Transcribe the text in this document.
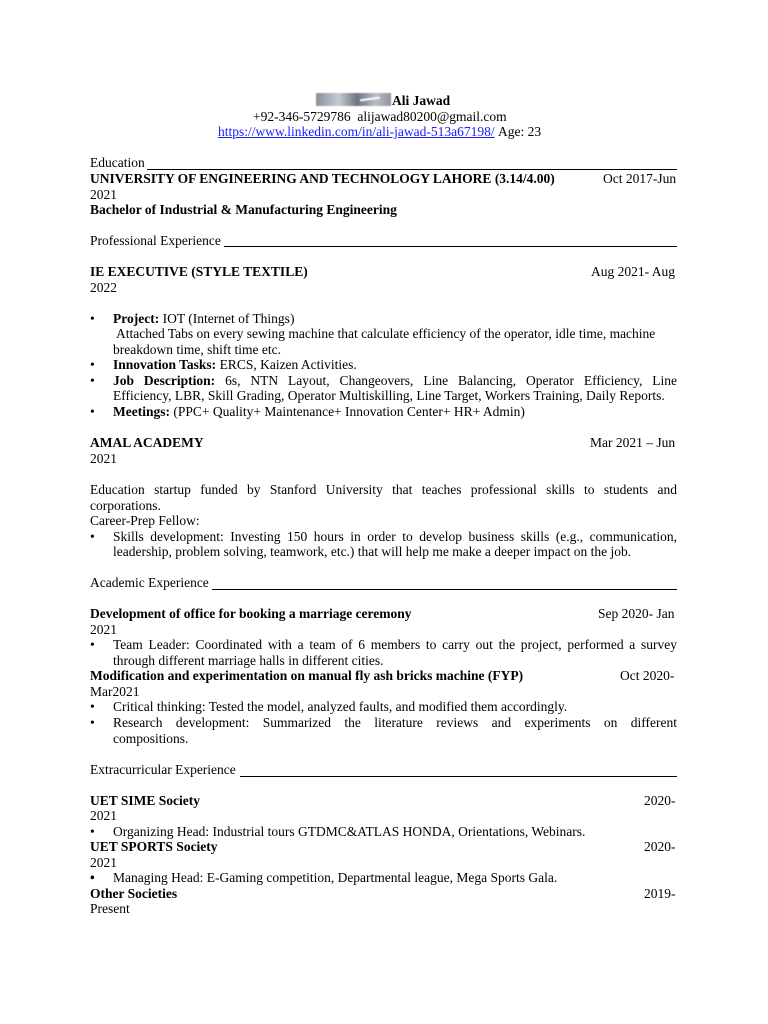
Ali Jawad
+92-346-5729786 alijawad80200@gmail.com
https://www.linkedin.com/in/ali-jawad-513a67198/ Age: 23
Education
UNIVERSITY OF ENGINEERING AND TECHNOLOGY LAHORE (3.14/4.00)	Oct 2017-Jun
2021
Bachelor of Industrial & Manufacturing Engineering
Professional Experience
IE EXECUTIVE (STYLE TEXTILE)	Aug 2021- Aug
2022
•	Project: IOT (Internet of Things)
Attached Tabs on every sewing machine that calculate efficiency of the operator, idle time, machine
breakdown time, shift time etc.
•	Innovation Tasks: ERCS, Kaizen Activities.
•	Job Description: 6s, NTN Layout, Changeovers, Line Balancing, Operator Efficiency, Line
Efficiency, LBR, Skill Grading, Operator Multiskilling, Line Target, Workers Training, Daily Reports.
•	Meetings: (PPC+ Quality+ Maintenance+ Innovation Center+ HR+ Admin)
AMAL ACADEMY	Mar 2021 – Jun
2021
Education startup funded by Stanford University that teaches professional skills to students and
corporations.
Career-Prep Fellow:
•	Skills development: Investing 150 hours in order to develop business skills (e.g., communication,
leadership, problem solving, teamwork, etc.) that will help me make a deeper impact on the job.
Academic Experience
Development of office for booking a marriage ceremony	Sep 2020- Jan
2021
•	Team Leader: Coordinated with a team of 6 members to carry out the project, performed a survey
through different marriage halls in different cities.
Modification and experimentation on manual fly ash bricks machine (FYP)	Oct 2020-
Mar2021
•	Critical thinking: Tested the model, analyzed faults, and modified them accordingly.
•	Research development: Summarized the literature reviews and experiments on different
compositions.
Extracurricular Experience
UET SIME Society	2020-
2021
•	Organizing Head: Industrial tours GTDMC&ATLAS HONDA, Orientations, Webinars.
UET SPORTS Society	2020-
2021
•	Managing Head: E-Gaming competition, Departmental league, Mega Sports Gala.
Other Societies	2019-
Present
